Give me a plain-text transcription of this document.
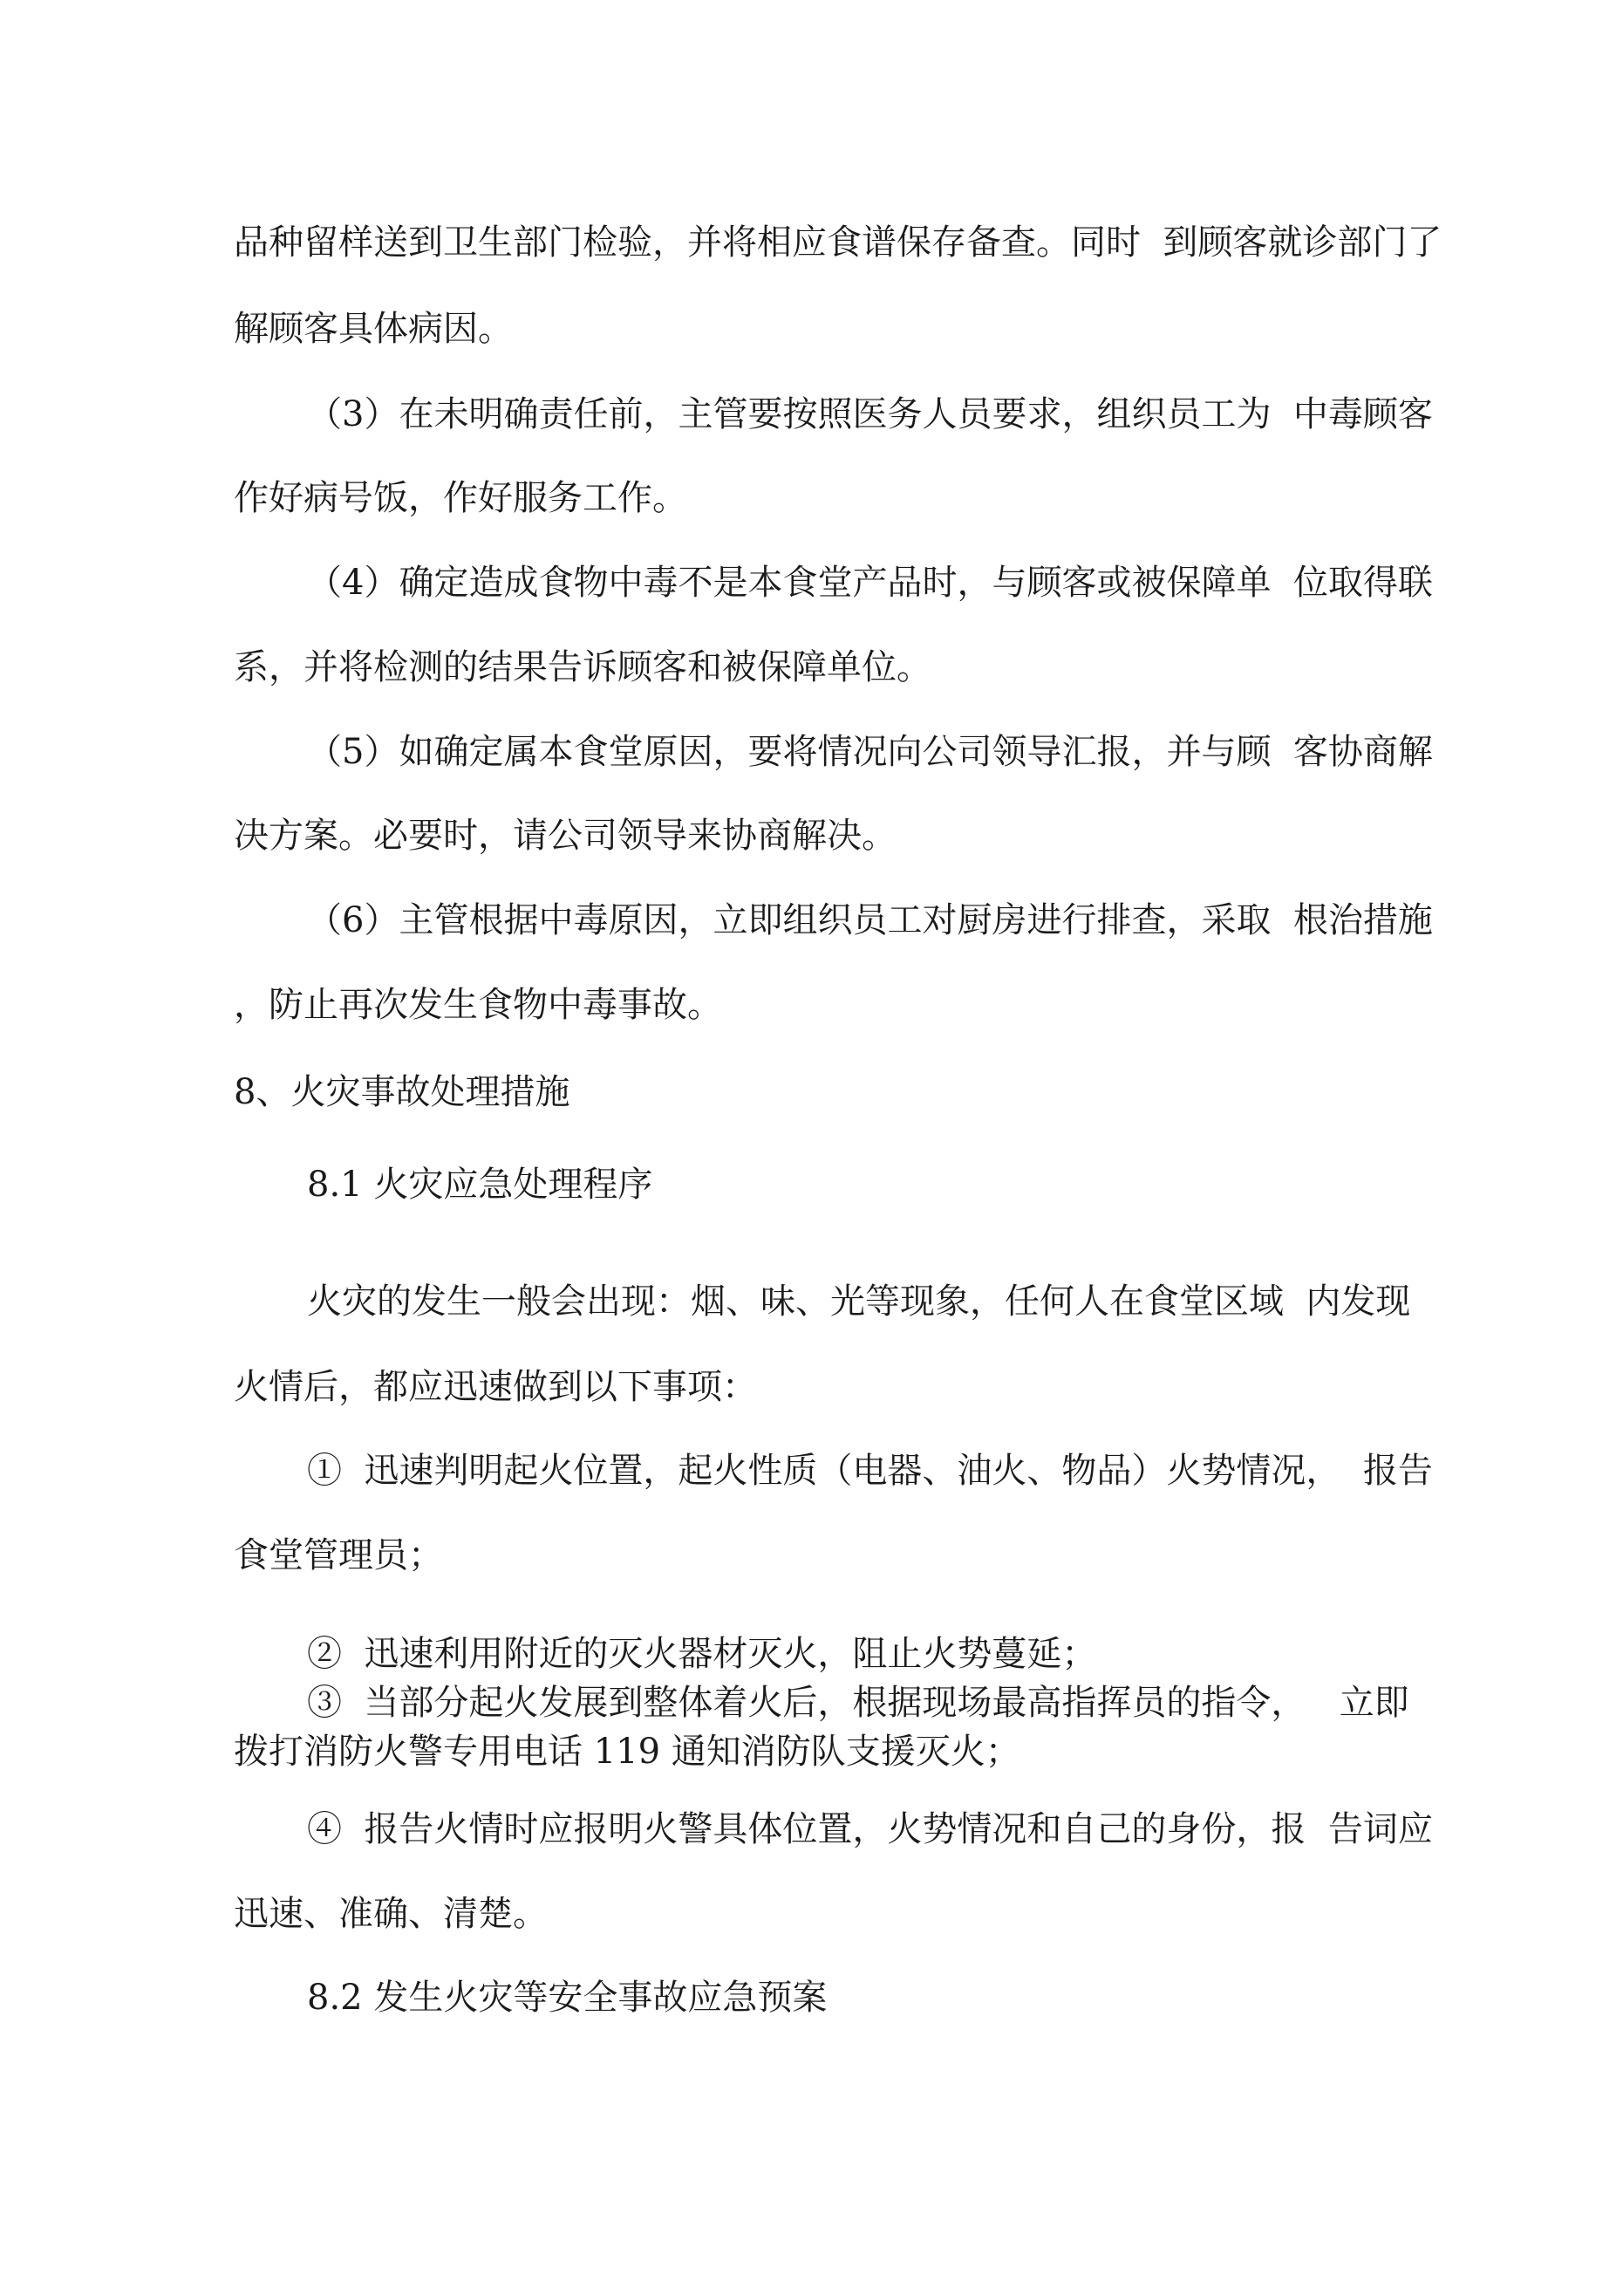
品种留样送到卫生部门检验，并将相应食谱保存备查。同时  到顾客就诊部门了
解顾客具体病因。
（3）在未明确责任前，主管要按照医务人员要求，组织员工为  中毒顾客
作好病号饭，作好服务工作。
（4）确定造成食物中毒不是本食堂产品时，与顾客或被保障单  位取得联
系，并将检测的结果告诉顾客和被保障单位。
（5）如确定属本食堂原因，要将情况向公司领导汇报，并与顾  客协商解
决方案。必要时，请公司领导来协商解决。
（6）主管根据中毒原因，立即组织员工对厨房进行排查，采取  根治措施
，防止再次发生食物中毒事故。
8、火灾事故处理措施
8.1 火灾应急处理程序
火灾的发生一般会出现：烟、味、光等现象，任何人在食堂区域  内发现
火情后，都应迅速做到以下事项：
①  迅速判明起火位置，起火性质（电器、油火、物品）火势情况，  报告
食堂管理员；
②  迅速利用附近的灭火器材灭火，阻止火势蔓延；
③  当部分起火发展到整体着火后，根据现场最高指挥员的指令，   立即
拨打消防火警专用电话 119 通知消防队支援灭火；
④  报告火情时应报明火警具体位置，火势情况和自己的身份，报  告词应
迅速、准确、清楚。
8.2 发生火灾等安全事故应急预案
